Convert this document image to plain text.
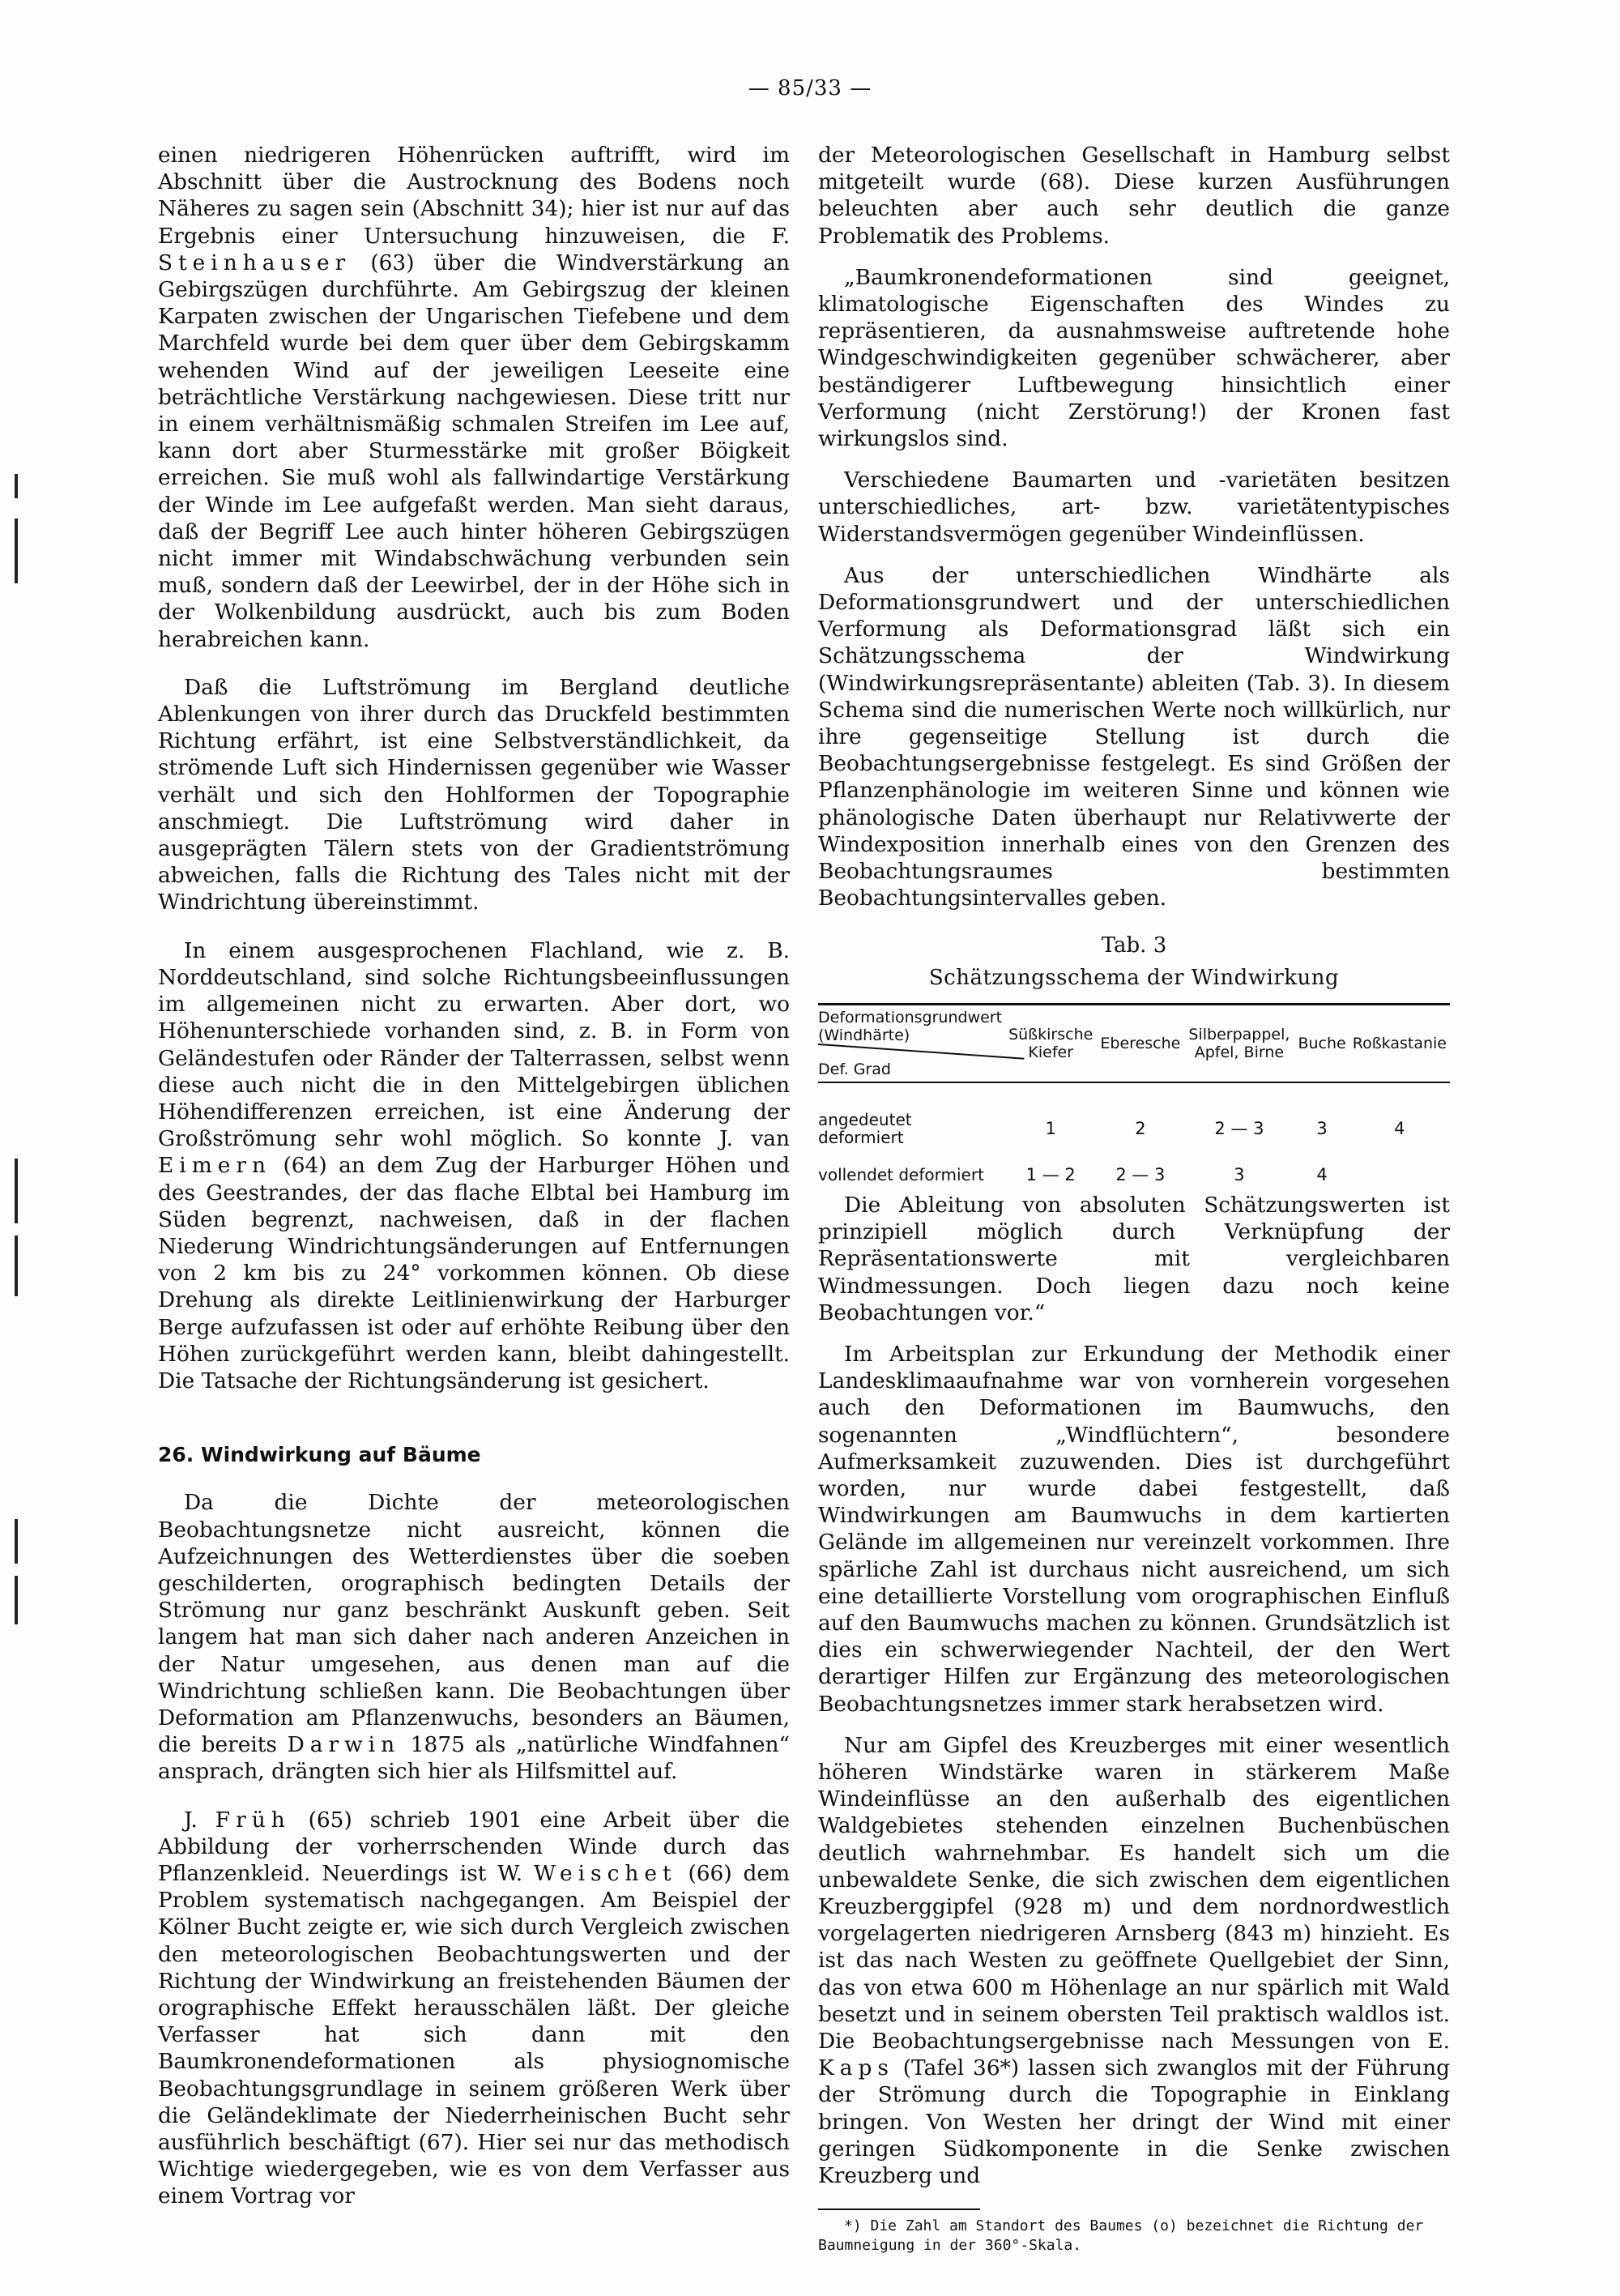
— 85/33 —

einen niedrigeren Höhenrücken auftrifft, wird im Abschnitt über die Austrocknung des Bodens noch Näheres zu sagen sein (Abschnitt 34); hier ist nur auf das Ergebnis einer Untersuchung hinzuweisen, die F. Steinhauser (63) über die Windverstärkung an Gebirgszügen durchführte. Am Gebirgszug der kleinen Karpaten zwischen der Ungarischen Tiefebene und dem Marchfeld wurde bei dem quer über dem Gebirgskamm wehenden Wind auf der jeweiligen Leeseite eine beträchtliche Verstärkung nachgewiesen. Diese tritt nur in einem verhältnismäßig schmalen Streifen im Lee auf, kann dort aber Sturmesstärke mit großer Böigkeit erreichen. Sie muß wohl als fallwindartige Verstärkung der Winde im Lee aufgefaßt werden. Man sieht daraus, daß der Begriff Lee auch hinter höheren Gebirgszügen nicht immer mit Windabschwächung verbunden sein muß, sondern daß der Leewirbel, der in der Höhe sich in der Wolkenbildung ausdrückt, auch bis zum Boden herabreichen kann.

Daß die Luftströmung im Bergland deutliche Ablenkungen von ihrer durch das Druckfeld bestimmten Richtung erfährt, ist eine Selbstverständlichkeit, da strömende Luft sich Hindernissen gegenüber wie Wasser verhält und sich den Hohlformen der Topographie anschmiegt. Die Luftströmung wird daher in ausgeprägten Tälern stets von der Gradientströmung abweichen, falls die Richtung des Tales nicht mit der Windrichtung übereinstimmt.

In einem ausgesprochenen Flachland, wie z. B. Norddeutschland, sind solche Richtungsbeeinflussungen im allgemeinen nicht zu erwarten. Aber dort, wo Höhenunterschiede vorhanden sind, z. B. in Form von Geländestufen oder Ränder der Talterrassen, selbst wenn diese auch nicht die in den Mittelgebirgen üblichen Höhendifferenzen erreichen, ist eine Änderung der Großströmung sehr wohl möglich. So konnte J. van Eimern (64) an dem Zug der Harburger Höhen und des Geestrandes, der das flache Elbtal bei Hamburg im Süden begrenzt, nachweisen, daß in der flachen Niederung Windrichtungsänderungen auf Entfernungen von 2 km bis zu 24° vorkommen können. Ob diese Drehung als direkte Leitlinienwirkung der Harburger Berge aufzufassen ist oder auf erhöhte Reibung über den Höhen zurückgeführt werden kann, bleibt dahingestellt. Die Tatsache der Richtungsänderung ist gesichert.

26. Windwirkung auf Bäume

Da die Dichte der meteorologischen Beobachtungsnetze nicht ausreicht, können die Aufzeichnungen des Wetterdienstes über die soeben geschilderten, orographisch bedingten Details der Strömung nur ganz beschränkt Auskunft geben. Seit langem hat man sich daher nach anderen Anzeichen in der Natur umgesehen, aus denen man auf die Windrichtung schließen kann. Die Beobachtungen über Deformation am Pflanzenwuchs, besonders an Bäumen, die bereits Darwin 1875 als „natürliche Windfahnen“ ansprach, drängten sich hier als Hilfsmittel auf.

J. Früh (65) schrieb 1901 eine Arbeit über die Abbildung der vorherrschenden Winde durch das Pflanzenkleid. Neuerdings ist W. Weischet (66) dem Problem systematisch nachgegangen. Am Beispiel der Kölner Bucht zeigte er, wie sich durch Vergleich zwischen den meteorologischen Beobachtungswerten und der Richtung der Windwirkung an freistehenden Bäumen der orographische Effekt herausschälen läßt. Der gleiche Verfasser hat sich dann mit den Baumkronendeformationen als physiognomische Beobachtungsgrundlage in seinem größeren Werk über die Geländeklimate der Niederrheinischen Bucht sehr ausführlich beschäftigt (67). Hier sei nur das methodisch Wichtige wiedergegeben, wie es von dem Verfasser aus einem Vortrag vor

der Meteorologischen Gesellschaft in Hamburg selbst mitgeteilt wurde (68). Diese kurzen Ausführungen beleuchten aber auch sehr deutlich die ganze Problematik des Problems.

„Baumkronendeformationen sind geeignet, klimatologische Eigenschaften des Windes zu repräsentieren, da ausnahmsweise auftretende hohe Windgeschwindigkeiten gegenüber schwächerer, aber beständigerer Luftbewegung hinsichtlich einer Verformung (nicht Zerstörung!) der Kronen fast wirkungslos sind.

Verschiedene Baumarten und -varietäten besitzen unterschiedliches, art- bzw. varietätentypisches Widerstandsvermögen gegenüber Windeinflüssen.

Aus der unterschiedlichen Windhärte als Deformationsgrundwert und der unterschiedlichen Verformung als Deformationsgrad läßt sich ein Schätzungsschema der Windwirkung (Windwirkungsrepräsentante) ableiten (Tab. 3). In diesem Schema sind die numerischen Werte noch willkürlich, nur ihre gegenseitige Stellung ist durch die Beobachtungsergebnisse festgelegt. Es sind Größen der Pflanzenphänologie im weiteren Sinne und können wie phänologische Daten überhaupt nur Relativwerte der Windexposition innerhalb eines von den Grenzen des Beobachtungsraumes bestimmten Beobachtungsintervalles geben.

Tab. 3
Schätzungsschema der Windwirkung
Deformationsgrundwert (Windhärte)
Def. Grad	Süßkirsche Kiefer	Eberesche	Silberpappel, Apfel, Birne	Buche	Roßkastanie
angedeutet deformiert	1	2	2 — 3	3	4
vollendet deformiert	1 — 2	2 — 3	3	4	

Die Ableitung von absoluten Schätzungswerten ist prinzipiell möglich durch Verknüpfung der Repräsentationswerte mit vergleichbaren Windmessungen. Doch liegen dazu noch keine Beobachtungen vor.“

Im Arbeitsplan zur Erkundung der Methodik einer Landesklimaaufnahme war von vornherein vorgesehen auch den Deformationen im Baumwuchs, den sogenannten „Windflüchtern“, besondere Aufmerksamkeit zuzuwenden. Dies ist durchgeführt worden, nur wurde dabei festgestellt, daß Windwirkungen am Baumwuchs in dem kartierten Gelände im allgemeinen nur vereinzelt vorkommen. Ihre spärliche Zahl ist durchaus nicht ausreichend, um sich eine detaillierte Vorstellung vom orographischen Einfluß auf den Baumwuchs machen zu können. Grundsätzlich ist dies ein schwerwiegender Nachteil, der den Wert derartiger Hilfen zur Ergänzung des meteorologischen Beobachtungsnetzes immer stark herabsetzen wird.

Nur am Gipfel des Kreuzberges mit einer wesentlich höheren Windstärke waren in stärkerem Maße Windeinflüsse an den außerhalb des eigentlichen Waldgebietes stehenden einzelnen Buchenbüschen deutlich wahrnehmbar. Es handelt sich um die unbewaldete Senke, die sich zwischen dem eigentlichen Kreuzberggipfel (928 m) und dem nordnordwestlich vorgelagerten niedrigeren Arnsberg (843 m) hinzieht. Es ist das nach Westen zu geöffnete Quellgebiet der Sinn, das von etwa 600 m Höhenlage an nur spärlich mit Wald besetzt und in seinem obersten Teil praktisch waldlos ist. Die Beobachtungsergebnisse nach Messungen von E. Kaps (Tafel 36*) lassen sich zwanglos mit der Führung der Strömung durch die Topographie in Einklang bringen. Von Westen her dringt der Wind mit einer geringen Südkomponente in die Senke zwischen Kreuzberg und

*) Die Zahl am Standort des Baumes (o) bezeichnet die Richtung der Baumneigung in der 360°-Skala.
